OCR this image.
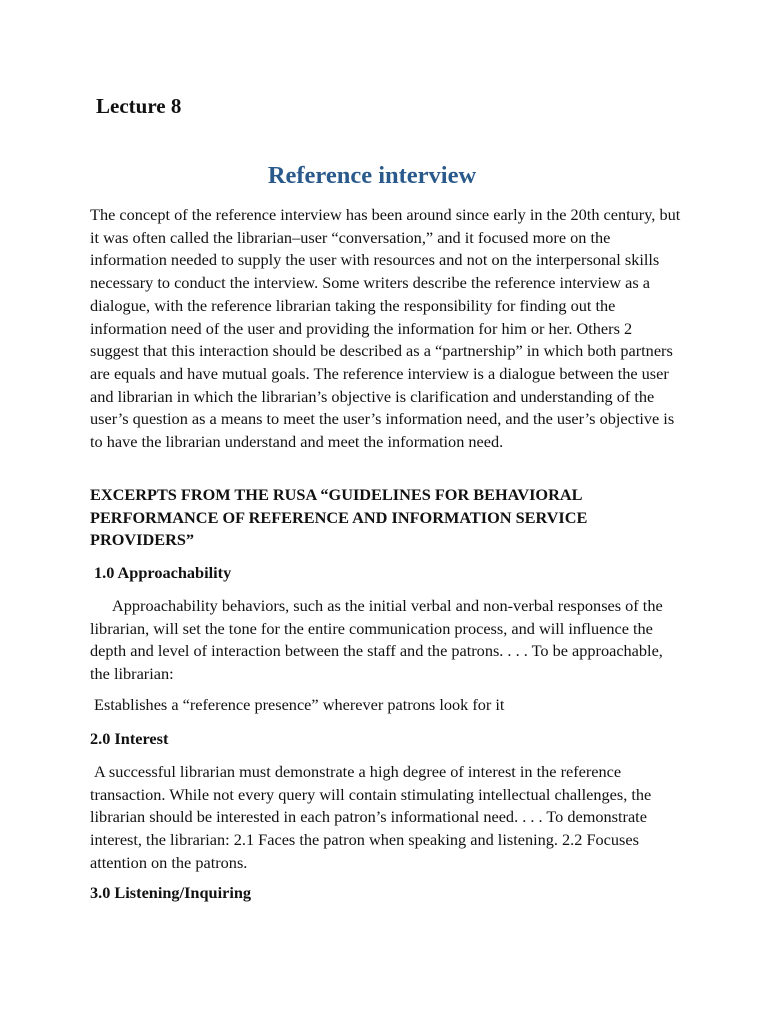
Lecture 8
Reference interview

The concept of the reference interview has been around since early in the 20th century, but it was often called the librarian–user “conversation,” and it focused more on the information needed to supply the user with resources and not on the interpersonal skills necessary to conduct the interview. Some writers describe the reference interview as a dialogue, with the reference librarian taking the responsibility for finding out the information need of the user and providing the information for him or her. Others 2 suggest that this interaction should be described as a “partnership” in which both partners are equals and have mutual goals. The reference interview is a dialogue between the user and librarian in which the librarian’s objective is clarification and understanding of the user’s question as a means to meet the user’s information need, and the user’s objective is to have the librarian understand and meet the information need.

EXCERPTS FROM THE RUSA “GUIDELINES FOR BEHAVIORAL PERFORMANCE OF REFERENCE AND INFORMATION SERVICE PROVIDERS”

1.0 Approachability

Approachability behaviors, such as the initial verbal and non-verbal responses of the librarian, will set the tone for the entire communication process, and will influence the depth and level of interaction between the staff and the patrons. . . . To be approachable, the librarian:

Establishes a “reference presence” wherever patrons look for it

2.0 Interest

A successful librarian must demonstrate a high degree of interest in the reference transaction. While not every query will contain stimulating intellectual challenges, the librarian should be interested in each patron’s informational need. . . . To demonstrate interest, the librarian: 2.1 Faces the patron when speaking and listening. 2.2 Focuses attention on the patrons.

3.0 Listening/Inquiring
